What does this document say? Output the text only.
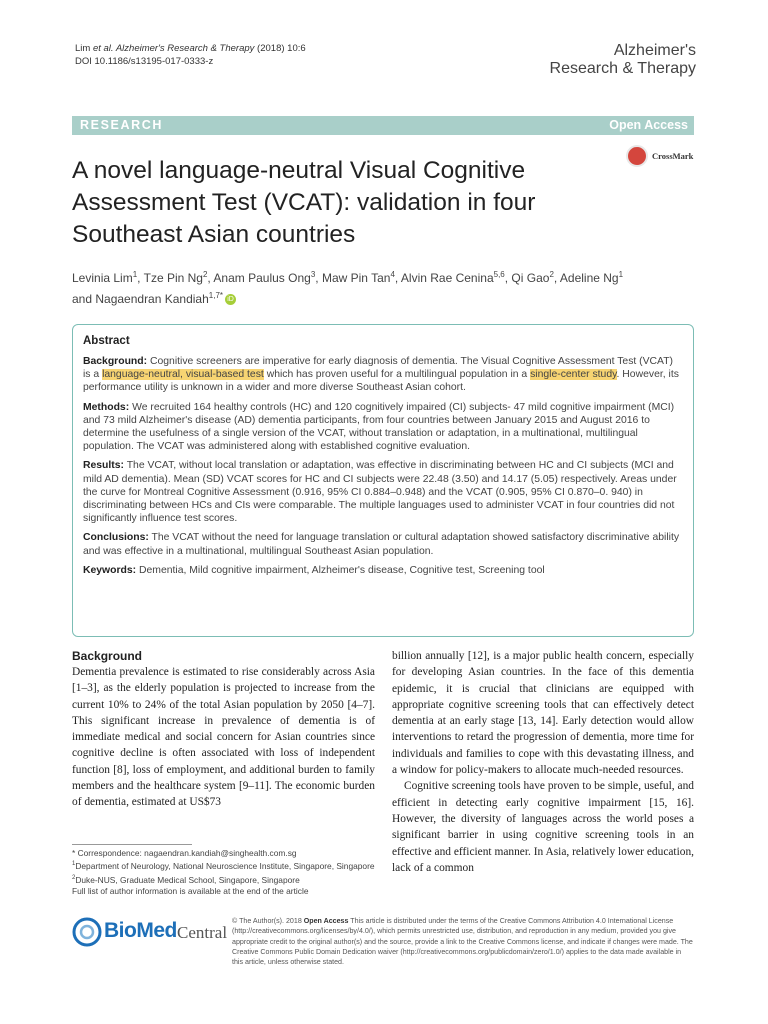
Lim et al. Alzheimer's Research & Therapy (2018) 10:6
DOI 10.1186/s13195-017-0333-z
Alzheimer's
Research & Therapy
RESEARCH	Open Access
A novel language-neutral Visual Cognitive Assessment Test (VCAT): validation in four Southeast Asian countries
CrossMark
Levinia Lim$^1$, Tze Pin Ng$^2$, Anam Paulus Ong$^3$, Maw Pin Tan$^4$, Alvin Rae Cenina$^{5,6}$, Qi Gao$^2$, Adeline Ng$^1$
and Nagaendran Kandiah$^{1,7*}$ iD
Abstract

Background: Cognitive screeners are imperative for early diagnosis of dementia. The Visual Cognitive Assessment Test (VCAT) is a language-neutral, visual-based test which has proven useful for a multilingual population in a single-center study. However, its performance utility is unknown in a wider and more diverse Southeast Asian cohort.

Methods: We recruited 164 healthy controls (HC) and 120 cognitively impaired (CI) subjects- 47 mild cognitive impairment (MCI) and 73 mild Alzheimer's disease (AD) dementia participants, from four countries between January 2015 and August 2016 to determine the usefulness of a single version of the VCAT, without translation or adaptation, in a multinational, multilingual population. The VCAT was administered along with established cognitive evaluation.

Results: The VCAT, without local translation or adaptation, was effective in discriminating between HC and CI subjects (MCI and mild AD dementia). Mean (SD) VCAT scores for HC and CI subjects were 22.48 (3.50) and 14.17 (5.05) respectively. Areas under the curve for Montreal Cognitive Assessment (0.916, 95% CI 0.884–0.948) and the VCAT (0.905, 95% CI 0.870–0. 940) in discriminating between HCs and CIs were comparable. The multiple languages used to administer VCAT in four countries did not significantly influence test scores.

Conclusions: The VCAT without the need for language translation or cultural adaptation showed satisfactory discriminative ability and was effective in a multinational, multilingual Southeast Asian population.

Keywords: Dementia, Mild cognitive impairment, Alzheimer's disease, Cognitive test, Screening tool

Background

Dementia prevalence is estimated to rise considerably across Asia [1–3], as the elderly population is projected to increase from the current 10% to 24% of the total Asian population by 2050 [4–7]. This significant increase in prevalence of dementia is of immediate medical and social concern for Asian countries since cognitive decline is often associated with loss of independent function [8], loss of employment, and additional burden to family members and the healthcare system [9–11]. The economic burden of dementia, estimated at US$73

billion annually [12], is a major public health concern, especially for developing Asian countries. In the face of this dementia epidemic, it is crucial that clinicians are equipped with appropriate cognitive screening tools that can effectively detect dementia at an early stage [13, 14]. Early detection would allow interventions to retard the progression of dementia, more time for individuals and families to cope with this devastating illness, and a window for policy-makers to allocate much-needed resources.

Cognitive screening tools have proven to be simple, useful, and efficient in detecting early cognitive impairment [15, 16]. However, the diversity of languages across the world poses a significant barrier in using cognitive screening tools in an effective and efficient manner. In Asia, relatively lower education, lack of a common

* Correspondence: nagaendran.kandiah@singhealth.com.sg
$^1$Department of Neurology, National Neuroscience Institute, Singapore, Singapore
$^2$Duke-NUS, Graduate Medical School, Singapore, Singapore
Full list of author information is available at the end of the article
BioMed Central
© The Author(s). 2018 Open Access This article is distributed under the terms of the Creative Commons Attribution 4.0 International License (http://creativecommons.org/licenses/by/4.0/), which permits unrestricted use, distribution, and reproduction in any medium, provided you give appropriate credit to the original author(s) and the source, provide a link to the Creative Commons license, and indicate if changes were made. The Creative Commons Public Domain Dedication waiver (http://creativecommons.org/publicdomain/zero/1.0/) applies to the data made available in this article, unless otherwise stated.
